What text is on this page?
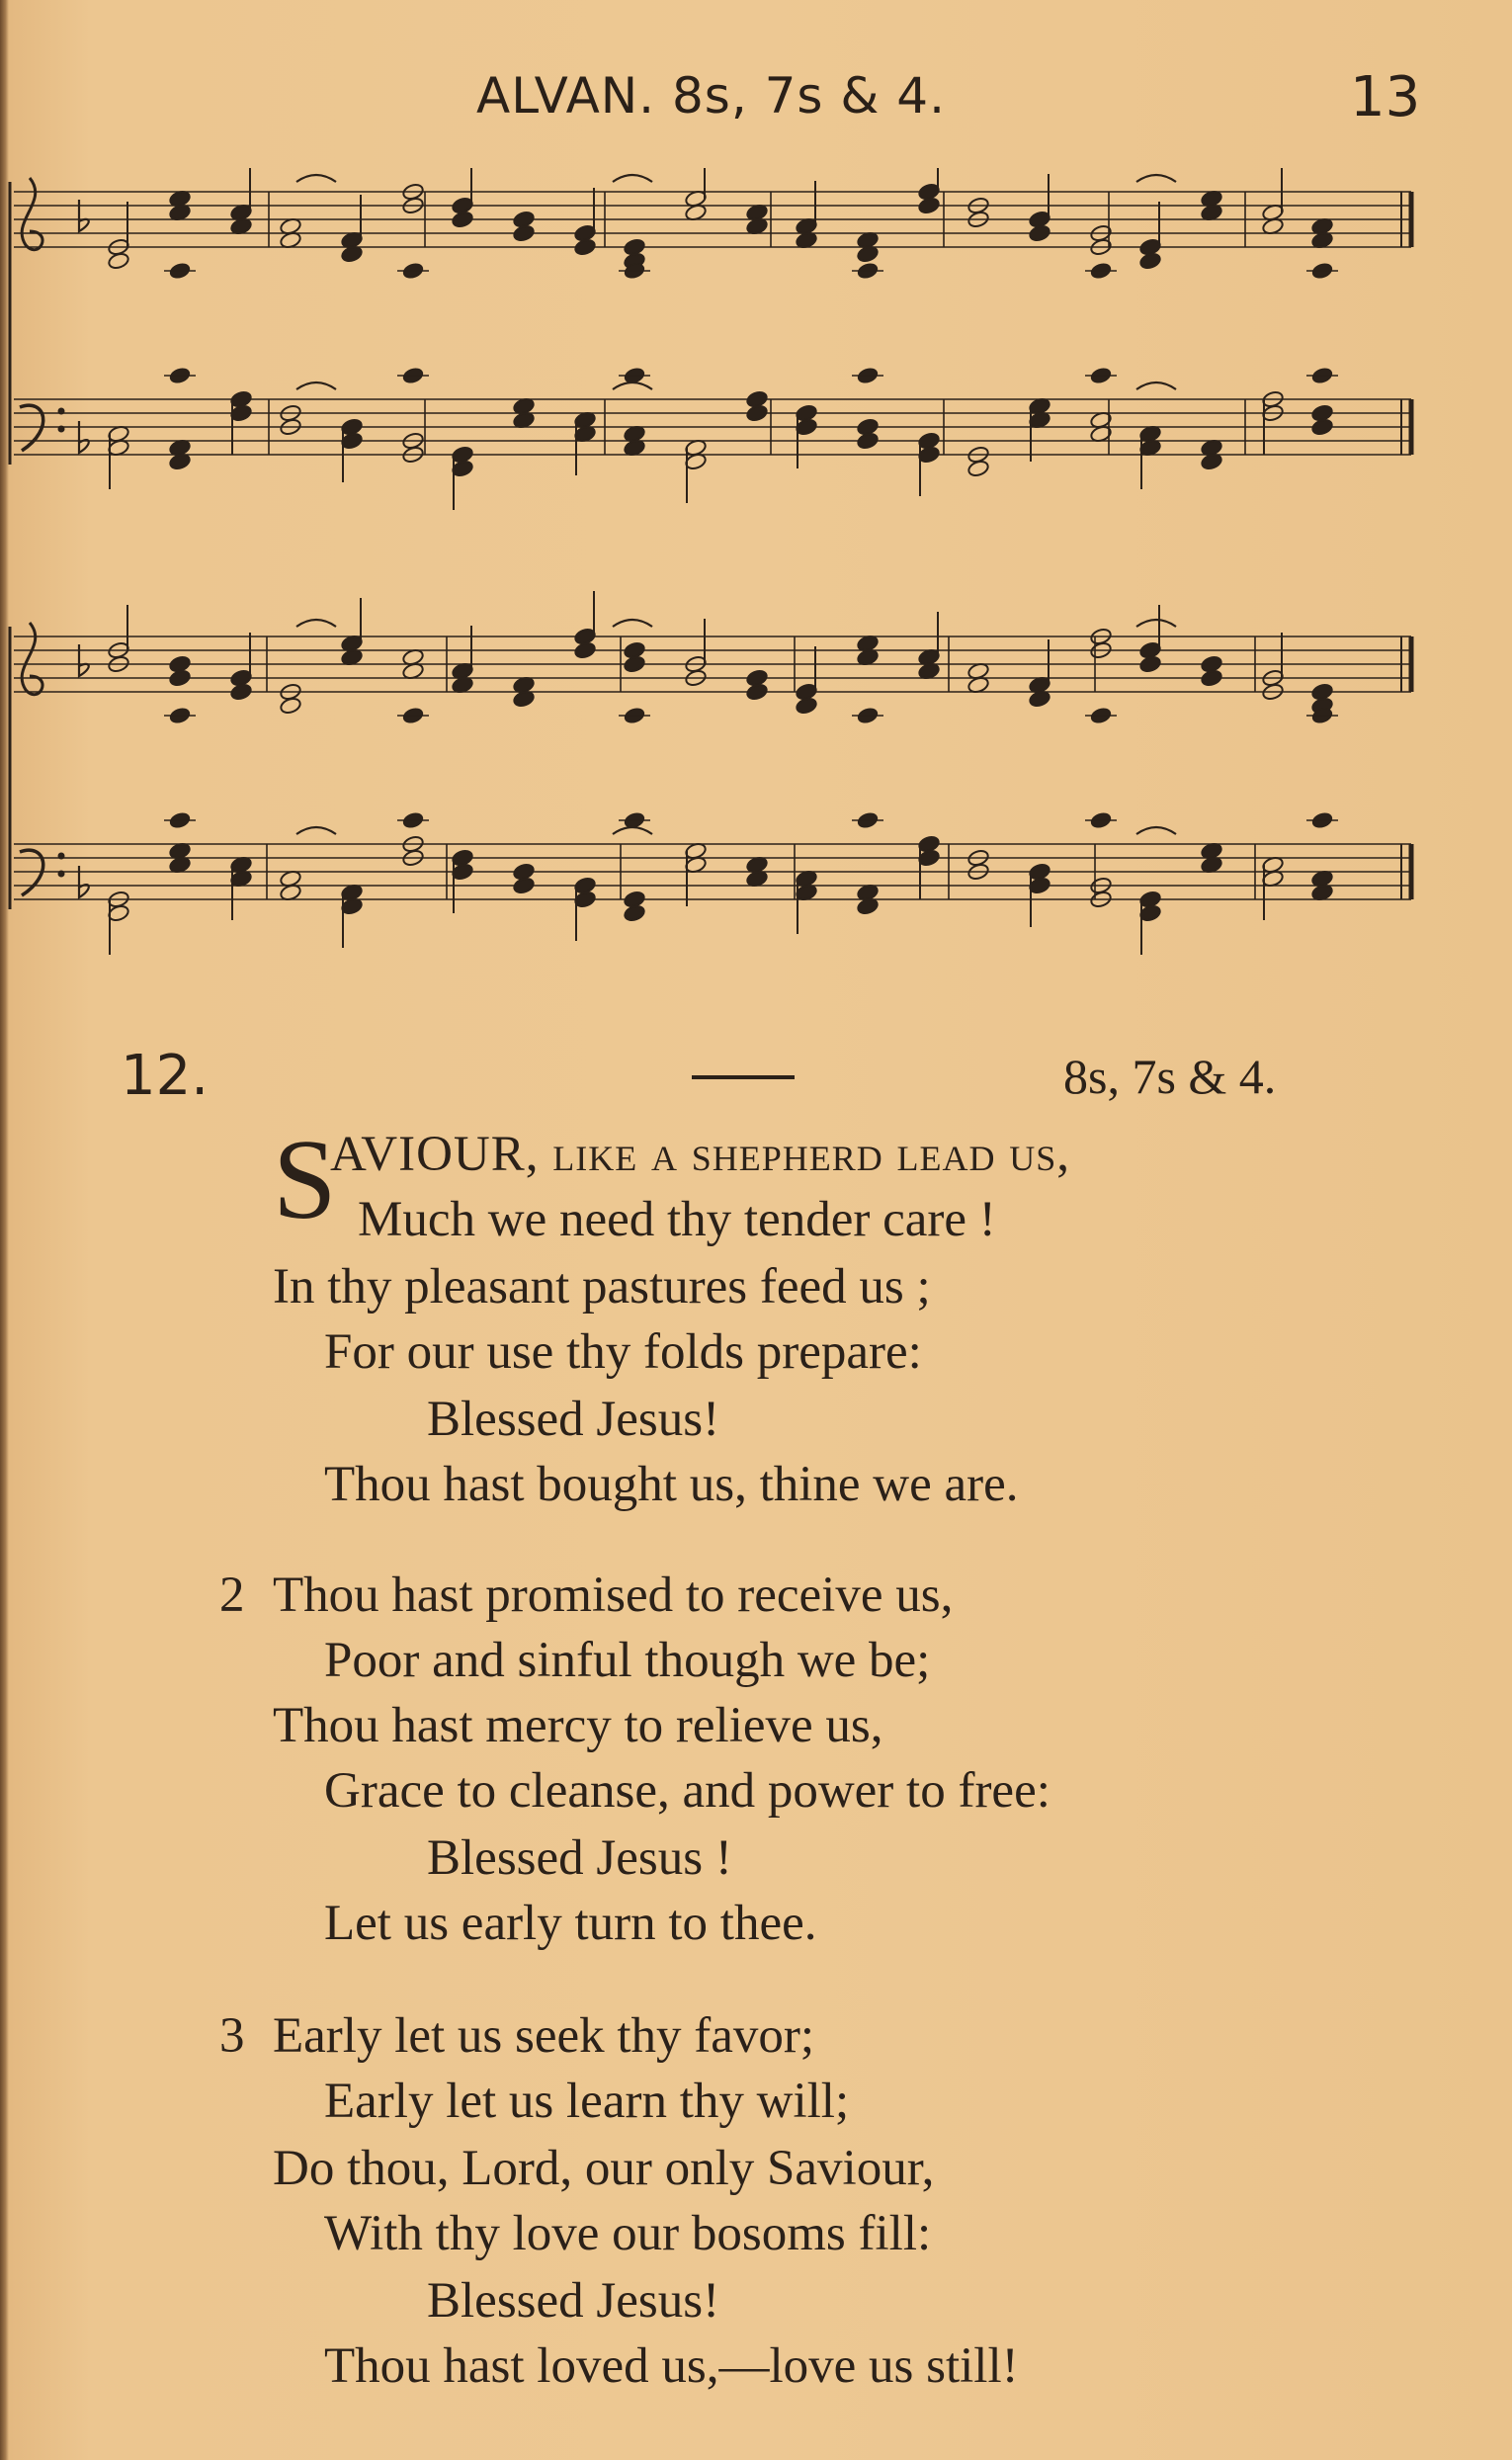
ALVAN. 8s, 7s & 4.	13
12.	8s, 7s & 4.
S
AVIOUR, like a shepherd lead us,
Much we need thy tender care !
In thy pleasant pastures feed us ;
For our use thy folds prepare:
Blessed Jesus!
Thou hast bought us, thine we are.
2 Thou hast promised to receive us,
Poor and sinful though we be;
Thou hast mercy to relieve us,
Grace to cleanse, and power to free:
Blessed Jesus !
Let us early turn to thee.
3 Early let us seek thy favor;
Early let us learn thy will;
Do thou, Lord, our only Saviour,
With thy love our bosoms fill:
Blessed Jesus!
Thou hast loved us,—love us still!
